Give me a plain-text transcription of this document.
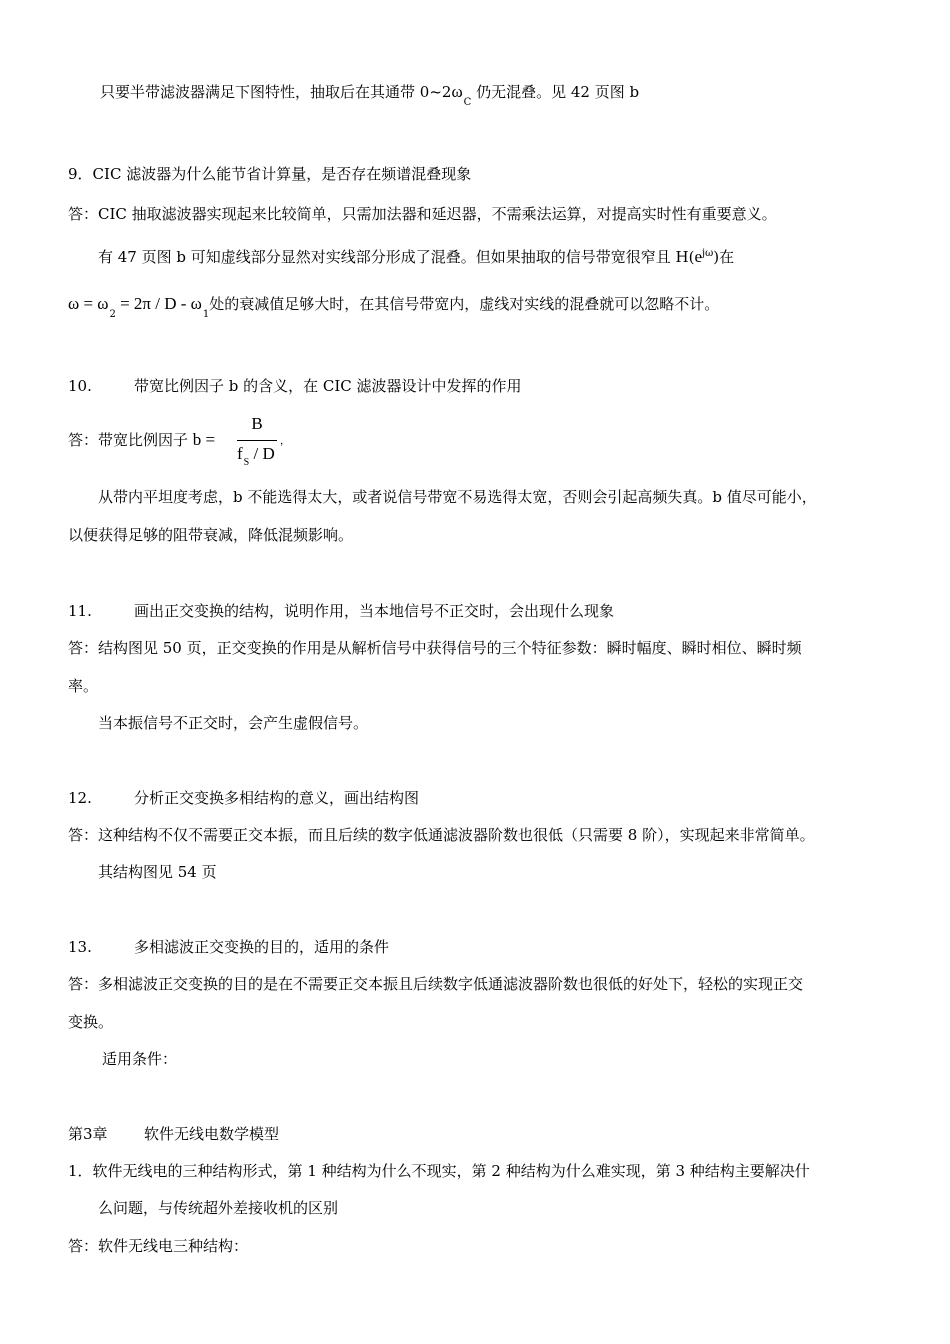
只要半带滤波器满足下图特性，抽取后在其通带 $0\sim 2\omega_C$ 仍无混叠。见 42 页图 b
9．CIC 滤波器为什么能节省计算量，是否存在频谱混叠现象
答：CIC 抽取滤波器实现起来比较简单，只需加法器和延迟器，不需乘法运算，对提高实时性有重要意义。
有 47 页图 b 可知虚线部分显然对实线部分形成了混叠。但如果抽取的信号带宽很窄且 $H(e^{j\omega})$在
$\omega = \omega_2 = 2\pi / D - \omega_1$处的衰减值足够大时，在其信号带宽内，虚线对实线的混叠就可以忽略不计。
10.	带宽比例因子 b 的含义，在 CIC 滤波器设计中发挥的作用
答：带宽比例因子 b =
B
$f_S$ / D
，
从带内平坦度考虑，b 不能选得太大，或者说信号带宽不易选得太宽，否则会引起高频失真。b 值尽可能小，
以便获得足够的阻带衰减，降低混频影响。
11.	画出正交变换的结构，说明作用，当本地信号不正交时，会出现什么现象
答：结构图见 50 页，正交变换的作用是从解析信号中获得信号的三个特征参数：瞬时幅度、瞬时相位、瞬时频
率。
当本振信号不正交时，会产生虚假信号。
12.	分析正交变换多相结构的意义，画出结构图
答：这种结构不仅不需要正交本振，而且后续的数字低通滤波器阶数也很低（只需要 8 阶），实现起来非常简单。
其结构图见 54 页
13.	多相滤波正交变换的目的，适用的条件
答：多相滤波正交变换的目的是在不需要正交本振且后续数字低通滤波器阶数也很低的好处下，轻松的实现正交
变换。
适用条件：
第3章 软件无线电数学模型
1．软件无线电的三种结构形式，第 1 种结构为什么不现实，第 2 种结构为什么难实现，第 3 种结构主要解决什
么问题，与传统超外差接收机的区别
答：软件无线电三种结构：
